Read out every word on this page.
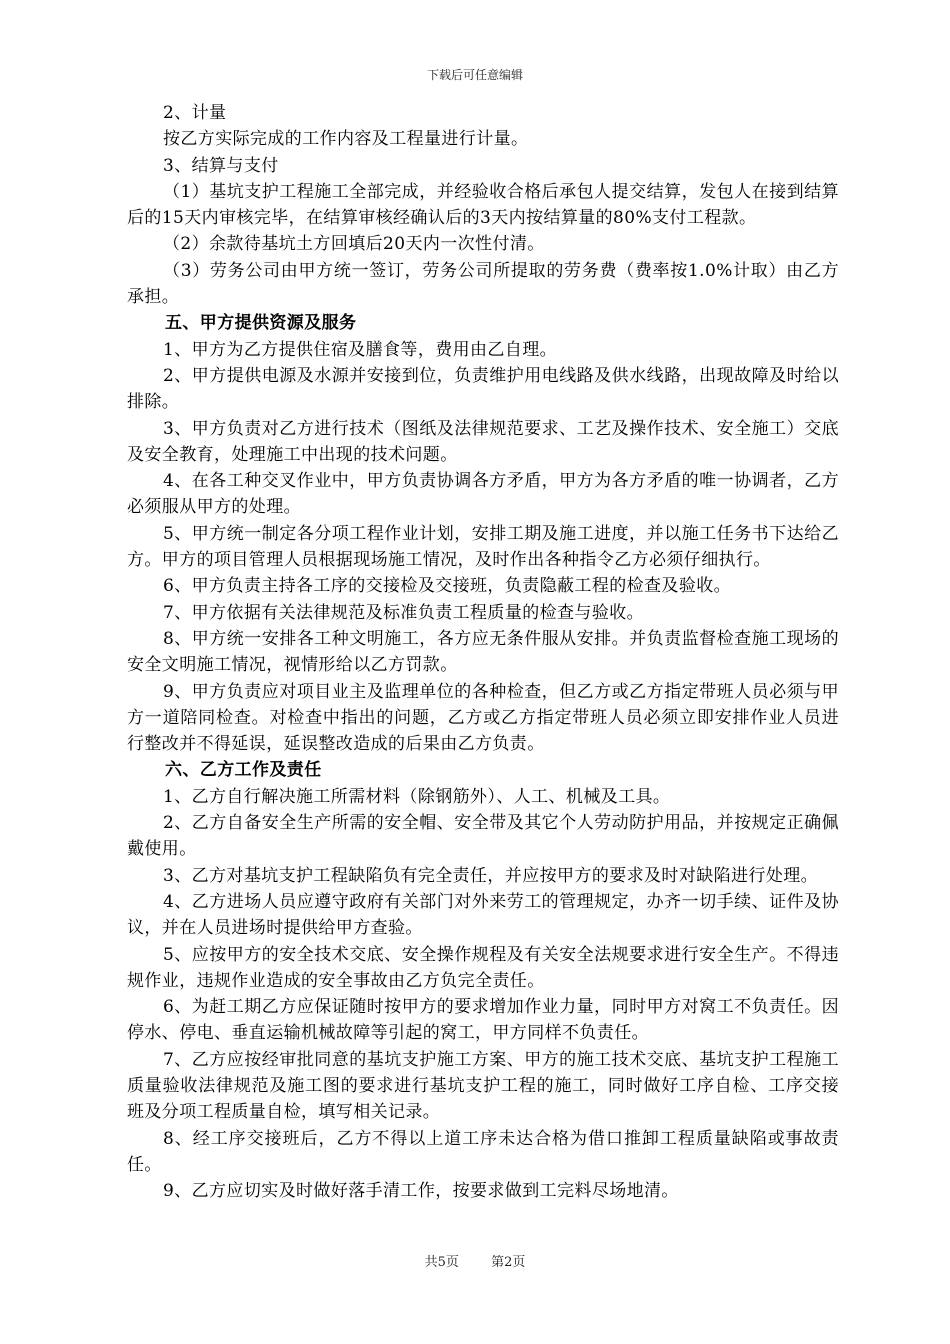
下载后可任意编辑

2、计量

按乙方实际完成的工作内容及工程量进行计量。

3、结算与支付

（1）基坑支护工程施工全部完成，并经验收合格后承包人提交结算，发包人在接到结算后的15天内审核完毕，在结算审核经确认后的3天内按结算量的80%支付工程款。

（2）余款待基坑土方回填后20天内一次性付清。

（3）劳务公司由甲方统一签订，劳务公司所提取的劳务费（费率按1.0%计取）由乙方承担。

五、甲方提供资源及服务

1、甲方为乙方提供住宿及膳食等，费用由乙自理。

2、甲方提供电源及水源并安接到位，负责维护用电线路及供水线路，出现故障及时给以排除。

3、甲方负责对乙方进行技术（图纸及法律规范要求、工艺及操作技术、安全施工）交底及安全教育，处理施工中出现的技术问题。

4、在各工种交叉作业中，甲方负责协调各方矛盾，甲方为各方矛盾的唯一协调者，乙方必须服从甲方的处理。

5、甲方统一制定各分项工程作业计划，安排工期及施工进度，并以施工任务书下达给乙方。甲方的项目管理人员根据现场施工情况，及时作出各种指令乙方必须仔细执行。

6、甲方负责主持各工序的交接检及交接班，负责隐蔽工程的检查及验收。

7、甲方依据有关法律规范及标准负责工程质量的检查与验收。

8、甲方统一安排各工种文明施工，各方应无条件服从安排。并负责监督检查施工现场的安全文明施工情况，视情形给以乙方罚款。

9、甲方负责应对项目业主及监理单位的各种检查，但乙方或乙方指定带班人员必须与甲方一道陪同检查。对检查中指出的问题，乙方或乙方指定带班人员必须立即安排作业人员进行整改并不得延误，延误整改造成的后果由乙方负责。

六、乙方工作及责任

1、乙方自行解决施工所需材料（除钢筋外）、人工、机械及工具。

2、乙方自备安全生产所需的安全帽、安全带及其它个人劳动防护用品，并按规定正确佩戴使用。

3、乙方对基坑支护工程缺陷负有完全责任，并应按甲方的要求及时对缺陷进行处理。

4、乙方进场人员应遵守政府有关部门对外来劳工的管理规定，办齐一切手续、证件及协议，并在人员进场时提供给甲方查验。

5、应按甲方的安全技术交底、安全操作规程及有关安全法规要求进行安全生产。不得违规作业，违规作业造成的安全事故由乙方负完全责任。

6、为赶工期乙方应保证随时按甲方的要求增加作业力量，同时甲方对窝工不负责任。因停水、停电、垂直运输机械故障等引起的窝工，甲方同样不负责任。

7、乙方应按经审批同意的基坑支护施工方案、甲方的施工技术交底、基坑支护工程施工质量验收法律规范及施工图的要求进行基坑支护工程的施工，同时做好工序自检、工序交接班及分项工程质量自检，填写相关记录。

8、经工序交接班后，乙方不得以上道工序未达合格为借口推卸工程质量缺陷或事故责任。

9、乙方应切实及时做好落手清工作，按要求做到工完料尽场地清。

共5页 第2页
